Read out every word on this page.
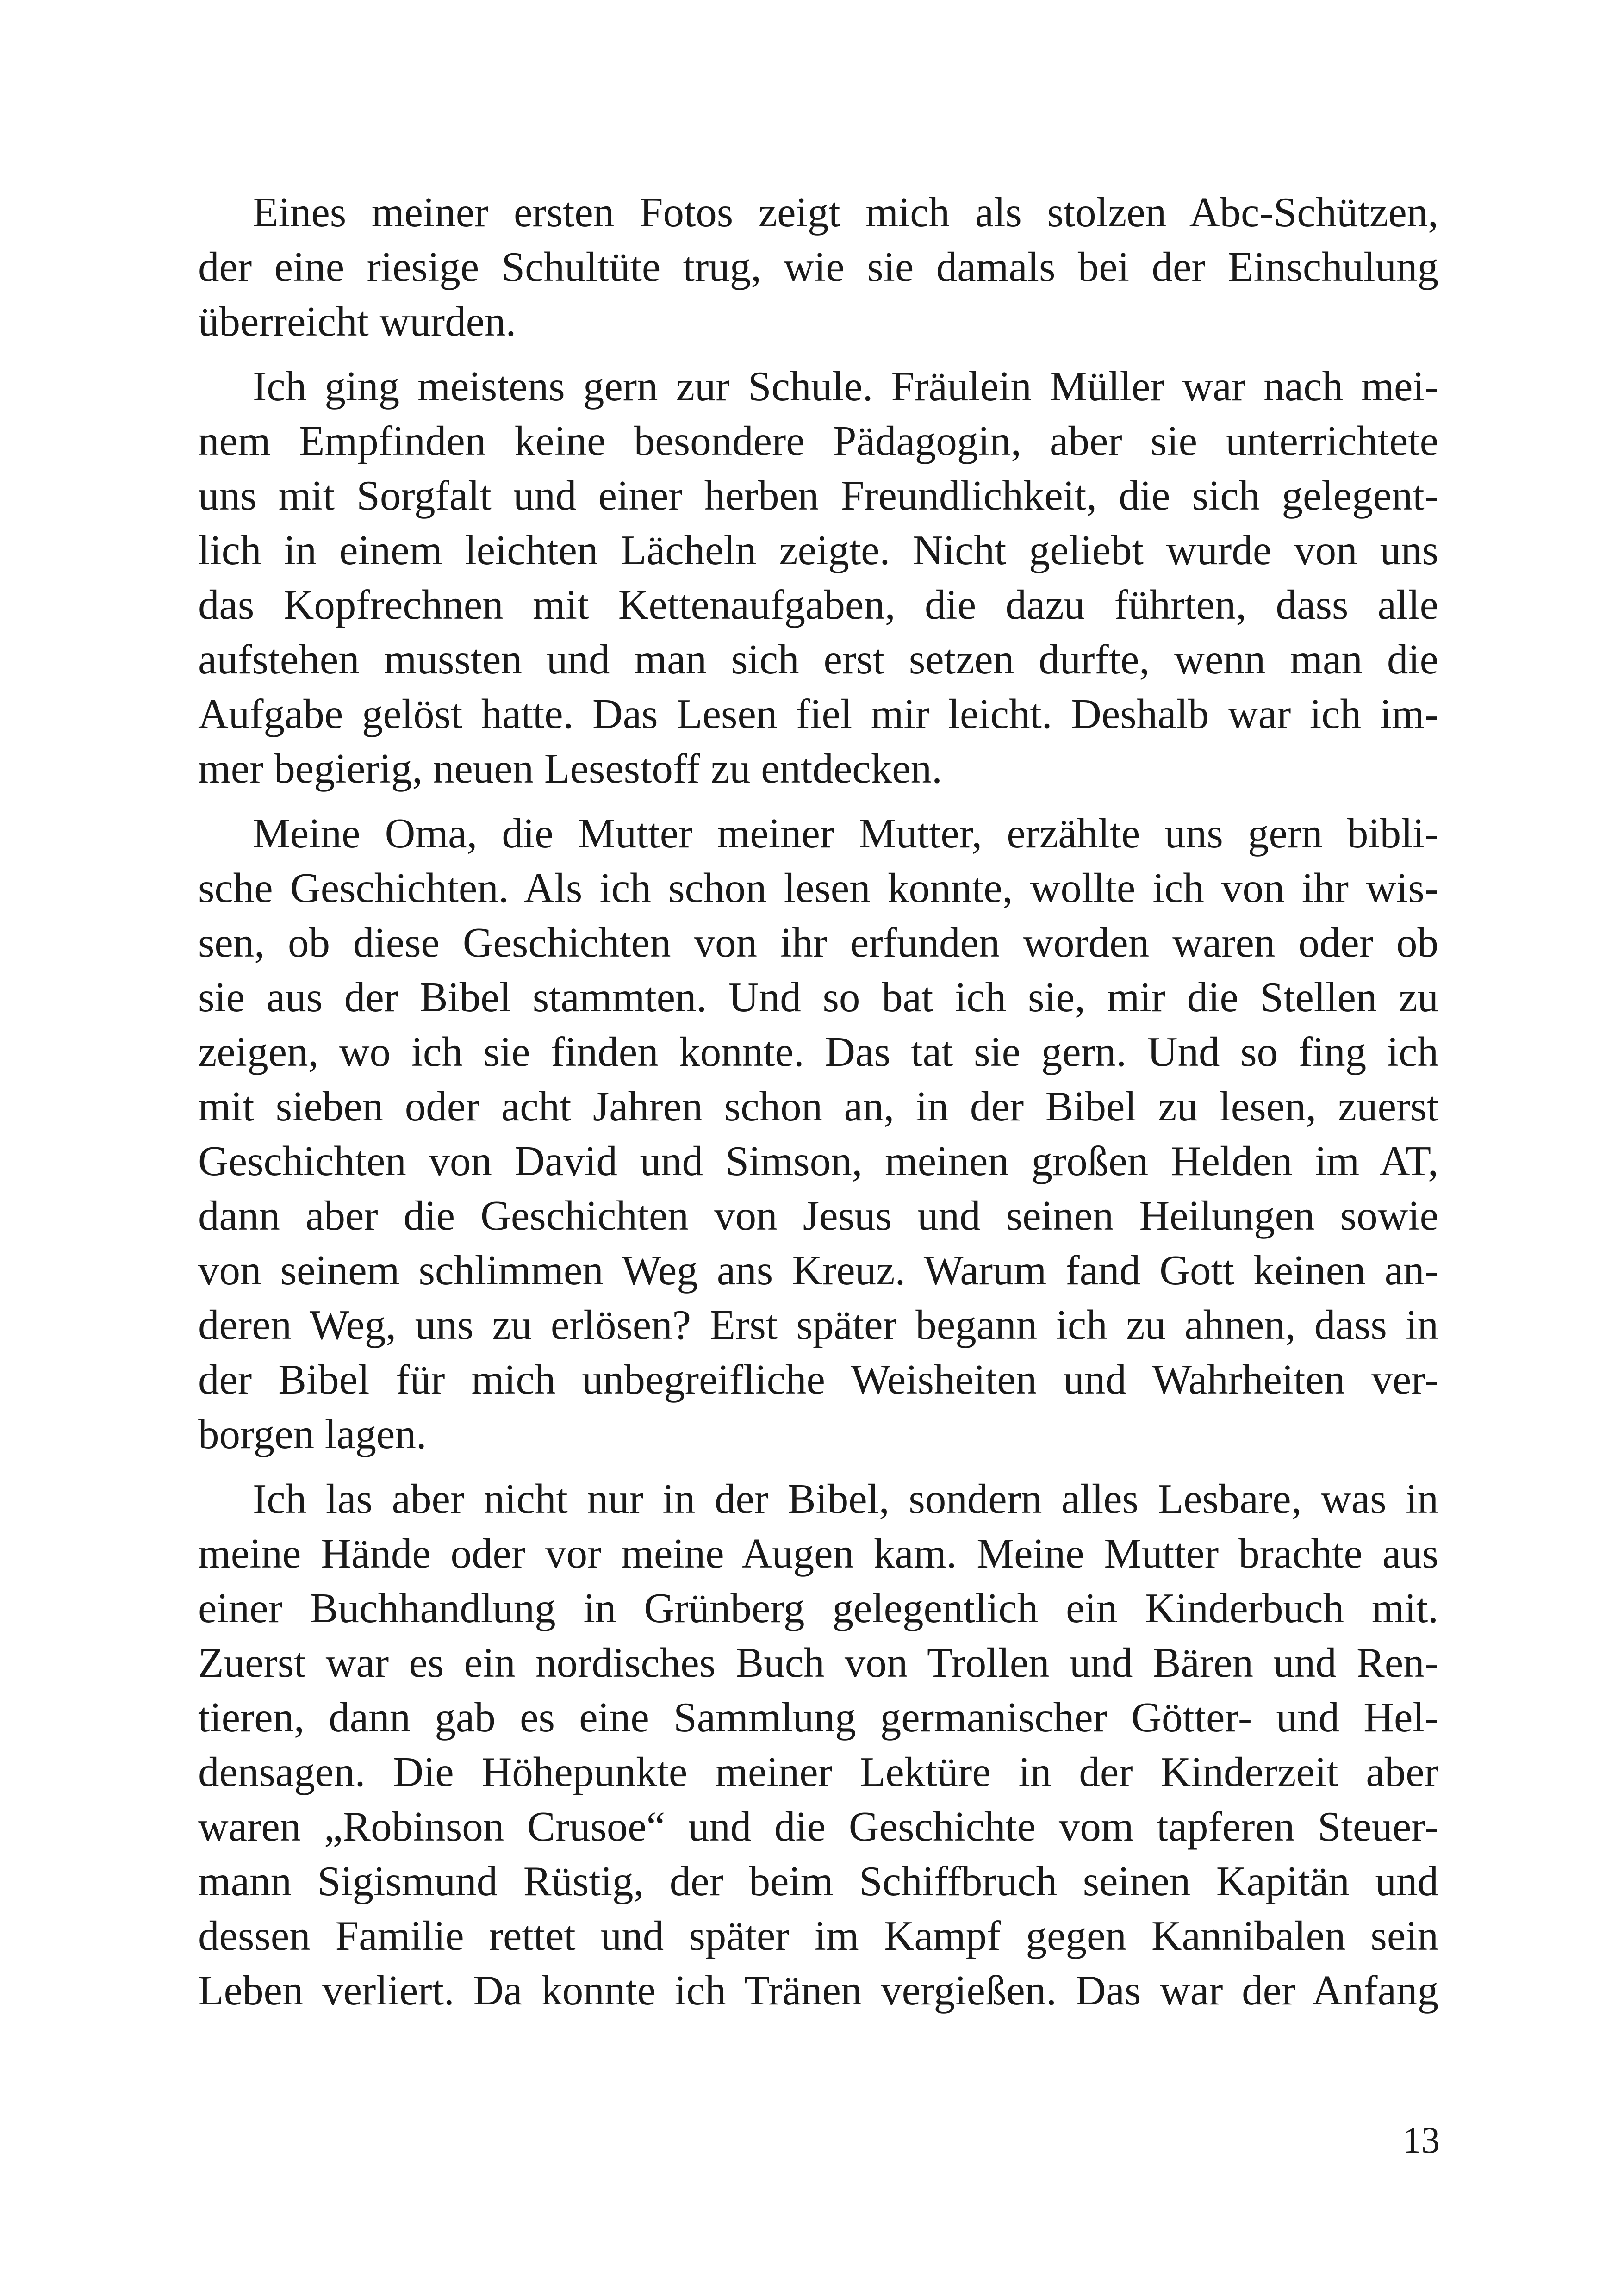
Eines meiner ersten Fotos zeigt mich als stolzen Abc-Schützen,
der eine riesige Schultüte trug, wie sie damals bei der Einschulung
überreicht wurden.

Ich ging meistens gern zur Schule. Fräulein Müller war nach mei-
nem Empfinden keine besondere Pädagogin, aber sie unterrichtete
uns mit Sorgfalt und einer herben Freundlichkeit, die sich gelegent-
lich in einem leichten Lächeln zeigte. Nicht geliebt wurde von uns
das Kopfrechnen mit Kettenaufgaben, die dazu führten, dass alle
aufstehen mussten und man sich erst setzen durfte, wenn man die
Aufgabe gelöst hatte. Das Lesen fiel mir leicht. Deshalb war ich im-
mer begierig, neuen Lesestoff zu entdecken.

Meine Oma, die Mutter meiner Mutter, erzählte uns gern bibli-
sche Geschichten. Als ich schon lesen konnte, wollte ich von ihr wis-
sen, ob diese Geschichten von ihr erfunden worden waren oder ob
sie aus der Bibel stammten. Und so bat ich sie, mir die Stellen zu
zeigen, wo ich sie finden konnte. Das tat sie gern. Und so fing ich
mit sieben oder acht Jahren schon an, in der Bibel zu lesen, zuerst
Geschichten von David und Simson, meinen großen Helden im AT,
dann aber die Geschichten von Jesus und seinen Heilungen sowie
von seinem schlimmen Weg ans Kreuz. Warum fand Gott keinen an-
deren Weg, uns zu erlösen? Erst später begann ich zu ahnen, dass in
der Bibel für mich unbegreifliche Weisheiten und Wahrheiten ver-
borgen lagen.

Ich las aber nicht nur in der Bibel, sondern alles Lesbare, was in
meine Hände oder vor meine Augen kam. Meine Mutter brachte aus
einer Buchhandlung in Grünberg gelegentlich ein Kinderbuch mit.
Zuerst war es ein nordisches Buch von Trollen und Bären und Ren-
tieren, dann gab es eine Sammlung germanischer Götter- und Hel-
densagen. Die Höhepunkte meiner Lektüre in der Kinderzeit aber
waren „Robinson Crusoe“ und die Geschichte vom tapferen Steuer-
mann Sigismund Rüstig, der beim Schiffbruch seinen Kapitän und
dessen Familie rettet und später im Kampf gegen Kannibalen sein
Leben verliert. Da konnte ich Tränen vergießen. Das war der Anfang

13
